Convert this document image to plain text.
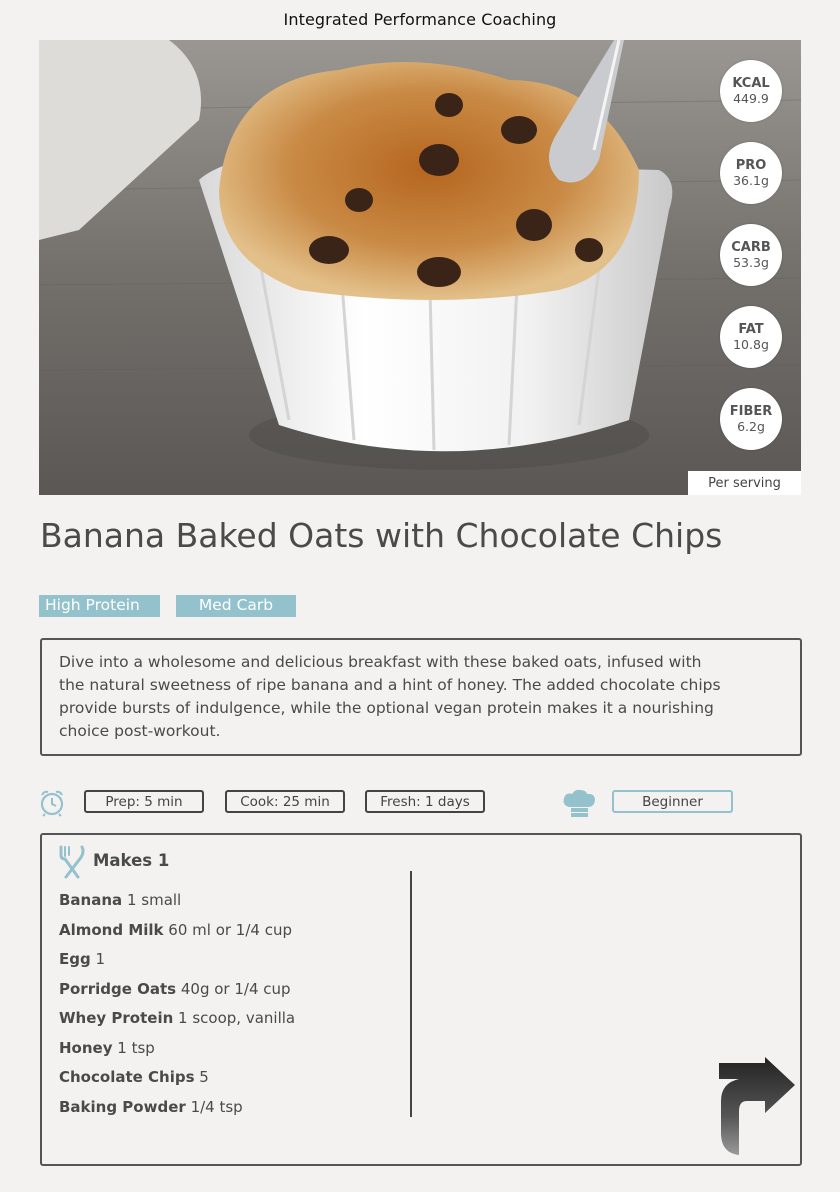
Integrated Performance Coaching
KCAL
449.9
PRO
36.1g
CARB
53.3g
FAT
10.8g
FIBER
6.2g
Per serving
Banana Baked Oats with Chocolate Chips
High Protein	Med Carb

Dive into a wholesome and delicious breakfast with these baked oats, infused with

the natural sweetness of ripe banana and a hint of honey. The added chocolate chips

provide bursts of indulgence, while the optional vegan protein makes it a nourishing

choice post-workout.

Prep: 5 min	Cook: 25 min	Fresh: 1 days	Beginner
Makes 1
Banana 1 small
Almond Milk 60 ml or 1/4 cup
Egg 1
Porridge Oats 40g or 1/4 cup
Whey Protein 1 scoop, vanilla
Honey 1 tsp
Chocolate Chips 5
Baking Powder 1/4 tsp
